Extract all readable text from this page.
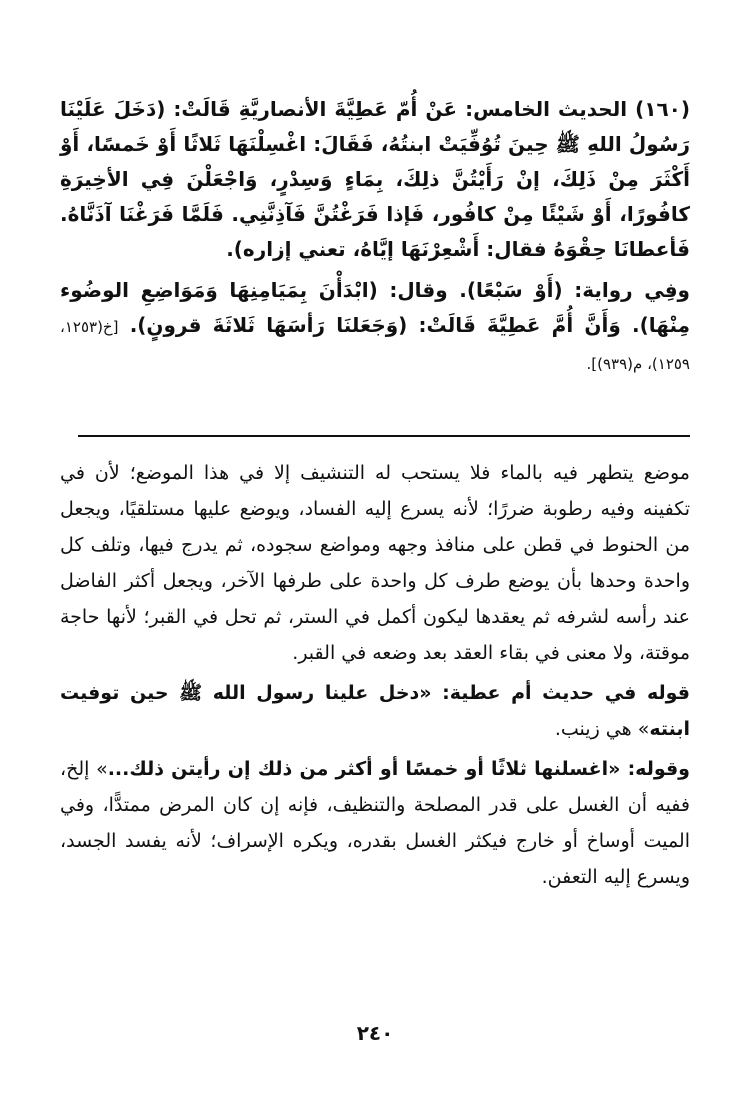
(١٦٠) الحديث الخامس: عَنْ أُمّ عَطِيَّةَ الأنصاريَّةِ قَالَتْ: (دَخَلَ عَلَيْنَا رَسُولُ اللهِ ﷺ حِينَ تُوُفِّيَتْ ابنتُهُ، فَقَالَ: اغْسِلْنَهَا ثَلاثًا أَوْ خَمسًا، أَوْ أَكْثَرَ مِنْ ذَلِكَ، إنْ رَأَيْتُنَّ ذلِكَ، بِمَاءٍ وَسِدْرٍ، وَاجْعَلْنَ فِي الأخِيرَةِ كافُورًا، أَوْ شَيْئًا مِنْ كافُور، فَإذا فَرَغْتُنَّ فَآذِنَّنِي. فَلَمَّا فَرَغْنَا آذَنَّاهُ. فَأعطانَا حِقْوَهُ فقال: أَشْعِرْنَهَا إيَّاهُ، تعني إزاره).

وفِي رواية: (أَوْ سَبْعًا). وقال: (ابْدَأْنَ بِمَيَامِنِهَا وَمَوَاضِعِ الوضُوء مِنْهَا). وَأَنَّ أُمَّ عَطِيَّةَ قَالَتْ: (وَجَعَلنَا رَأسَهَا ثَلاثَةَ قرونٍ). [خ(١٢٥٣، ١٢٥٩)، م(٩٣٩)].

موضع يتطهر فيه بالماء فلا يستحب له التنشيف إلا في هذا الموضع؛ لأن في تكفينه وفيه رطوبة ضررًا؛ لأنه يسرع إليه الفساد، ويوضع عليها مستلقيًا، ويجعل من الحنوط في قطن على منافذ وجهه ومواضع سجوده، ثم يدرج فيها، وتلف كل واحدة وحدها بأن يوضع طرف كل واحدة على طرفها الآخر، ويجعل أكثر الفاضل عند رأسه لشرفه ثم يعقدها ليكون أكمل في الستر، ثم تحل في القبر؛ لأنها حاجة موقتة، ولا معنى في بقاء العقد بعد وضعه في القبر.

قوله في حديث أم عطية: «دخل علينا رسول الله ﷺ حين توفيت ابنته» هي زينب.

وقوله: «اغسلنها ثلاثًا أو خمسًا أو أكثر من ذلك إن رأيتن ذلك...» إلخ، ففيه أن الغسل على قدر المصلحة والتنظيف، فإنه إن كان المرض ممتدًّا، وفي الميت أوساخ أو خارج فيكثر الغسل بقدره، ويكره الإسراف؛ لأنه يفسد الجسد، ويسرع إليه التعفن.

٢٤٠
